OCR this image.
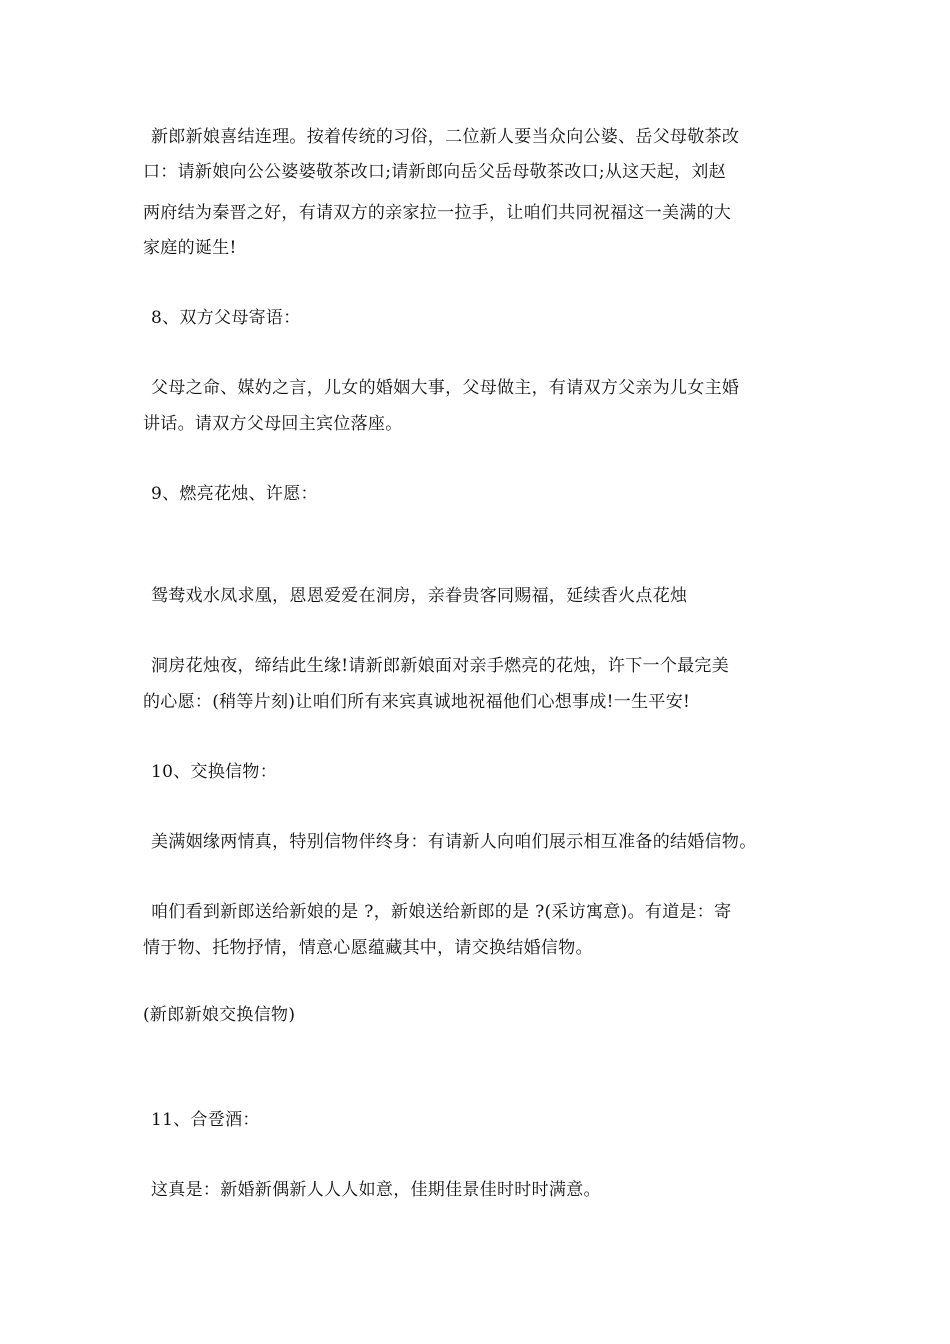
新郎新娘喜结连理。按着传统的习俗，二位新人要当众向公婆、岳父母敬茶改
口：请新娘向公公婆婆敬茶改口;请新郎向岳父岳母敬茶改口;从这天起，刘赵
两府结为秦晋之好，有请双方的亲家拉一拉手，让咱们共同祝福这一美满的大
家庭的诞生!
8、双方父母寄语：
父母之命、媒妁之言，儿女的婚姻大事，父母做主，有请双方父亲为儿女主婚
讲话。请双方父母回主宾位落座。
9、燃亮花烛、许愿：
鸳鸯戏水凤求凰，恩恩爱爱在洞房，亲眷贵客同赐福，延续香火点花烛
洞房花烛夜，缔结此生缘!请新郎新娘面对亲手燃亮的花烛，许下一个最完美
的心愿：(稍等片刻)让咱们所有来宾真诚地祝福他们心想事成!一生平安!
10、交换信物：
美满姻缘两情真，特别信物伴终身：有请新人向咱们展示相互准备的结婚信物。
咱们看到新郎送给新娘的是 ?，新娘送给新郎的是 ?(采访寓意)。有道是：寄
情于物、托物抒情，情意心愿蕴藏其中，请交换结婚信物。
(新郎新娘交换信物)
11、合卺酒：
这真是：新婚新偶新人人人如意，佳期佳景佳时时时满意。
